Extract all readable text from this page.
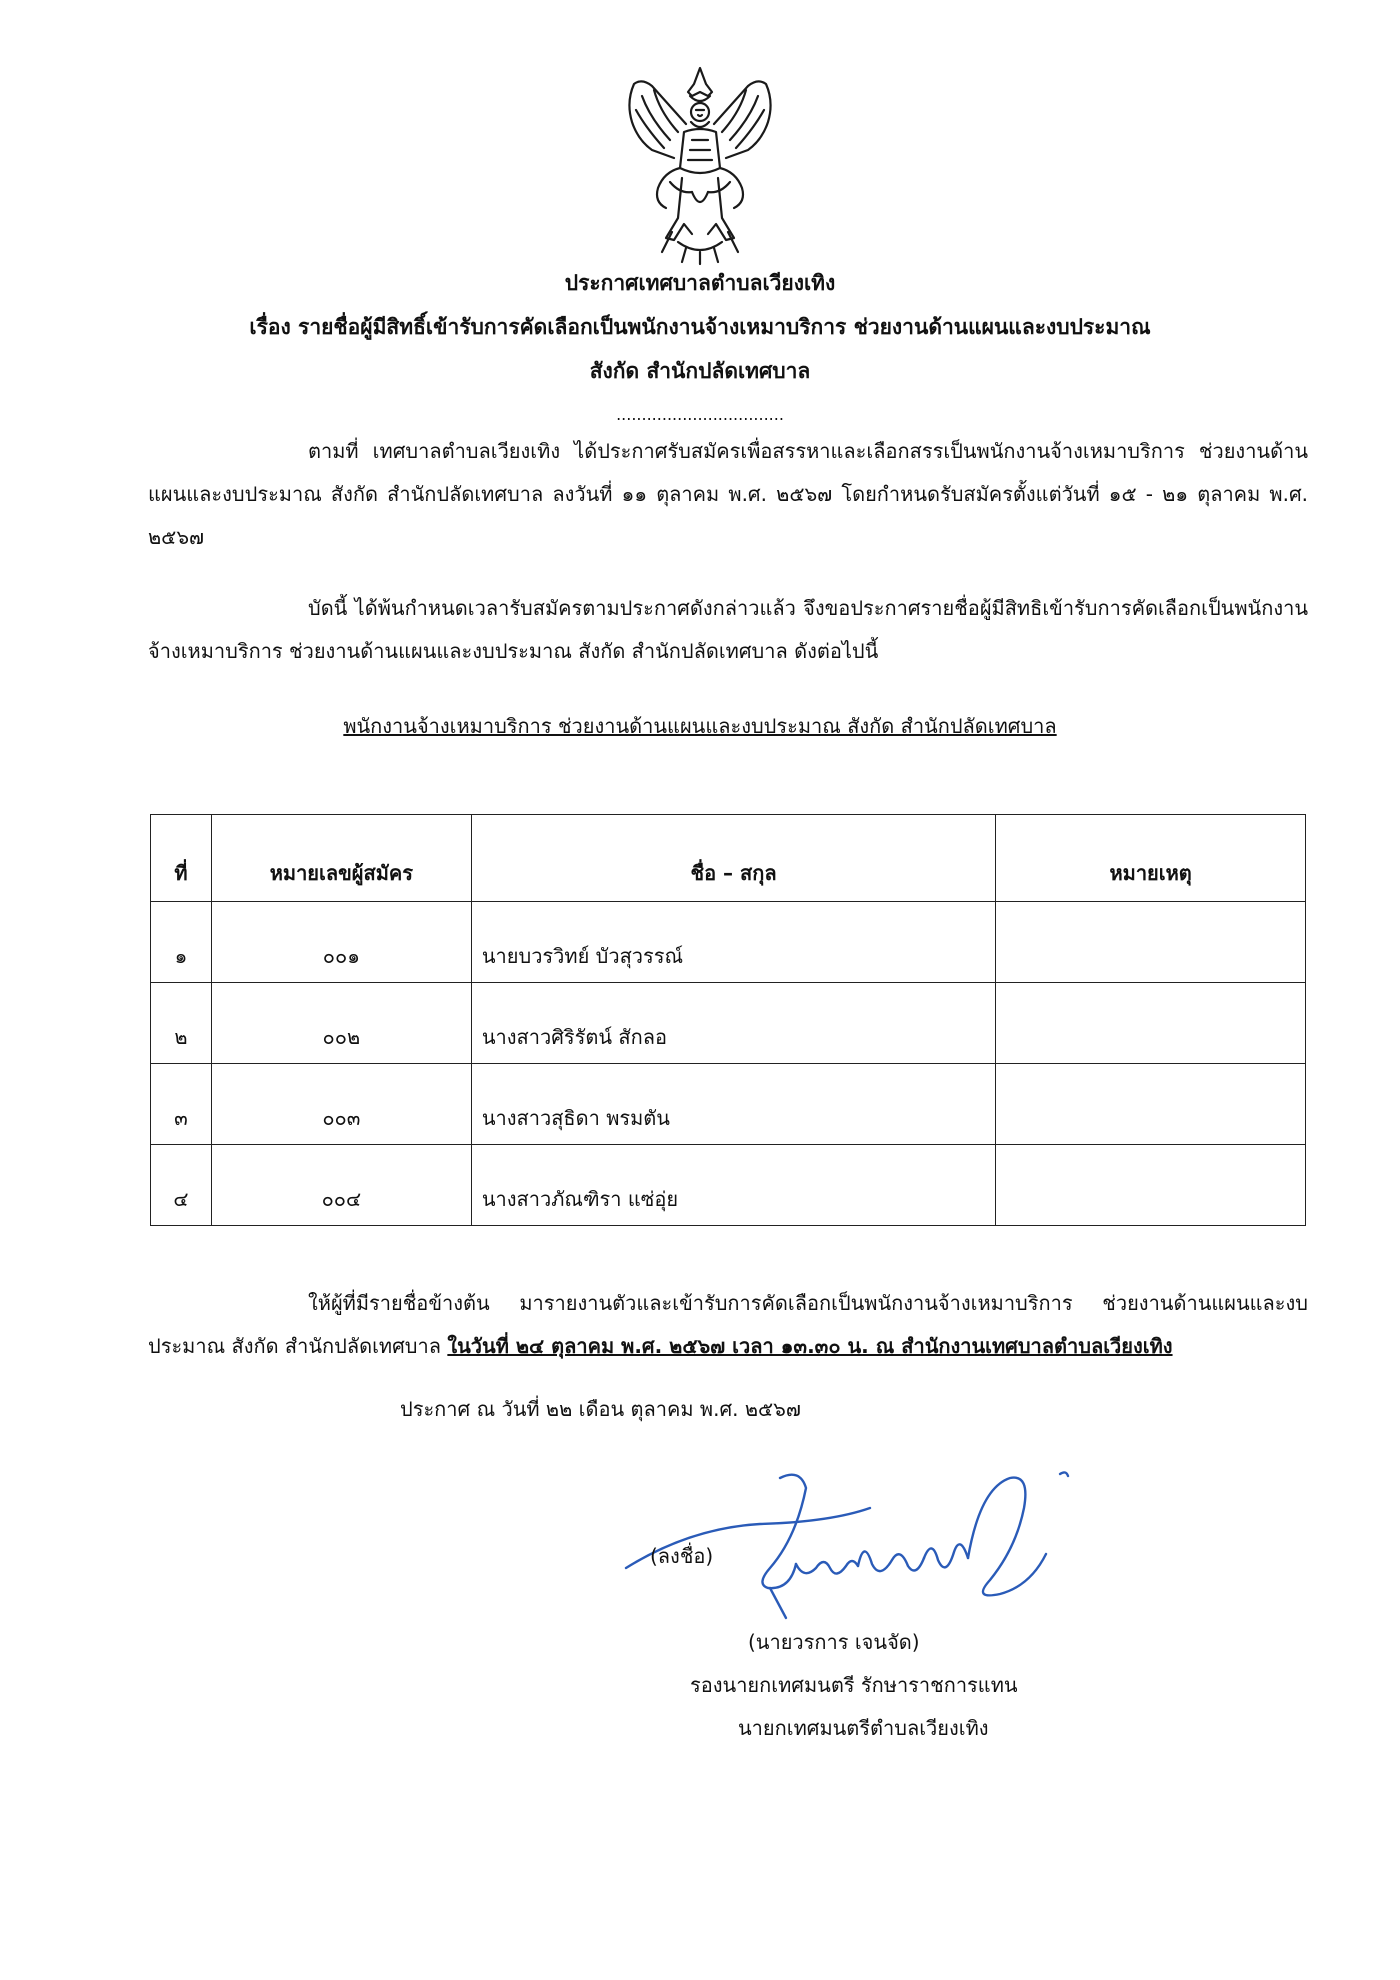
ประกาศเทศบาลตำบลเวียงเทิง
เรื่อง รายชื่อผู้มีสิทธิ์เข้ารับการคัดเลือกเป็นพนักงานจ้างเหมาบริการ ช่วยงานด้านแผนและงบประมาณ
สังกัด สำนักปลัดเทศบาล
.................................
ตามที่ เทศบาลตำบลเวียงเทิง ได้ประกาศรับสมัครเพื่อสรรหาและเลือกสรรเป็นพนักงานจ้างเหมาบริการ ช่วยงานด้านแผนและงบประมาณ สังกัด สำนักปลัดเทศบาล ลงวันที่ ๑๑ ตุลาคม พ.ศ. ๒๕๖๗ โดยกำหนดรับสมัครตั้งแต่วันที่ ๑๕ - ๒๑ ตุลาคม พ.ศ. ๒๕๖๗
บัดนี้ ได้พ้นกำหนดเวลารับสมัครตามประกาศดังกล่าวแล้ว จึงขอประกาศรายชื่อผู้มีสิทธิเข้ารับการคัดเลือกเป็นพนักงานจ้างเหมาบริการ ช่วยงานด้านแผนและงบประมาณ สังกัด สำนักปลัดเทศบาล ดังต่อไปนี้
พนักงานจ้างเหมาบริการ ช่วยงานด้านแผนและงบประมาณ สังกัด สำนักปลัดเทศบาล
ที่	หมายเลขผู้สมัคร	ชื่อ – สกุล	หมายเหตุ
๑	๐๐๑	นายบวรวิทย์ บัวสุวรรณ์	
๒	๐๐๒	นางสาวศิริรัตน์ สักลอ	
๓	๐๐๓	นางสาวสุธิดา พรมตัน	
๔	๐๐๔	นางสาวภัณฑิรา แซ่อุ่ย	
ให้ผู้ที่มีรายชื่อข้างต้น มารายงานตัวและเข้ารับการคัดเลือกเป็นพนักงานจ้างเหมาบริการ ช่วยงานด้านแผนและงบประมาณ สังกัด สำนักปลัดเทศบาล ในวันที่ ๒๔ ตุลาคม พ.ศ. ๒๕๖๗ เวลา ๑๓.๓๐ น. ณ สำนักงานเทศบาลตำบลเวียงเทิง
ประกาศ ณ วันที่ ๒๒ เดือน ตุลาคม พ.ศ. ๒๕๖๗
(ลงชื่อ)
(นายวรการ เจนจัด)
รองนายกเทศมนตรี รักษาราชการแทน
นายกเทศมนตรีตำบลเวียงเทิง
